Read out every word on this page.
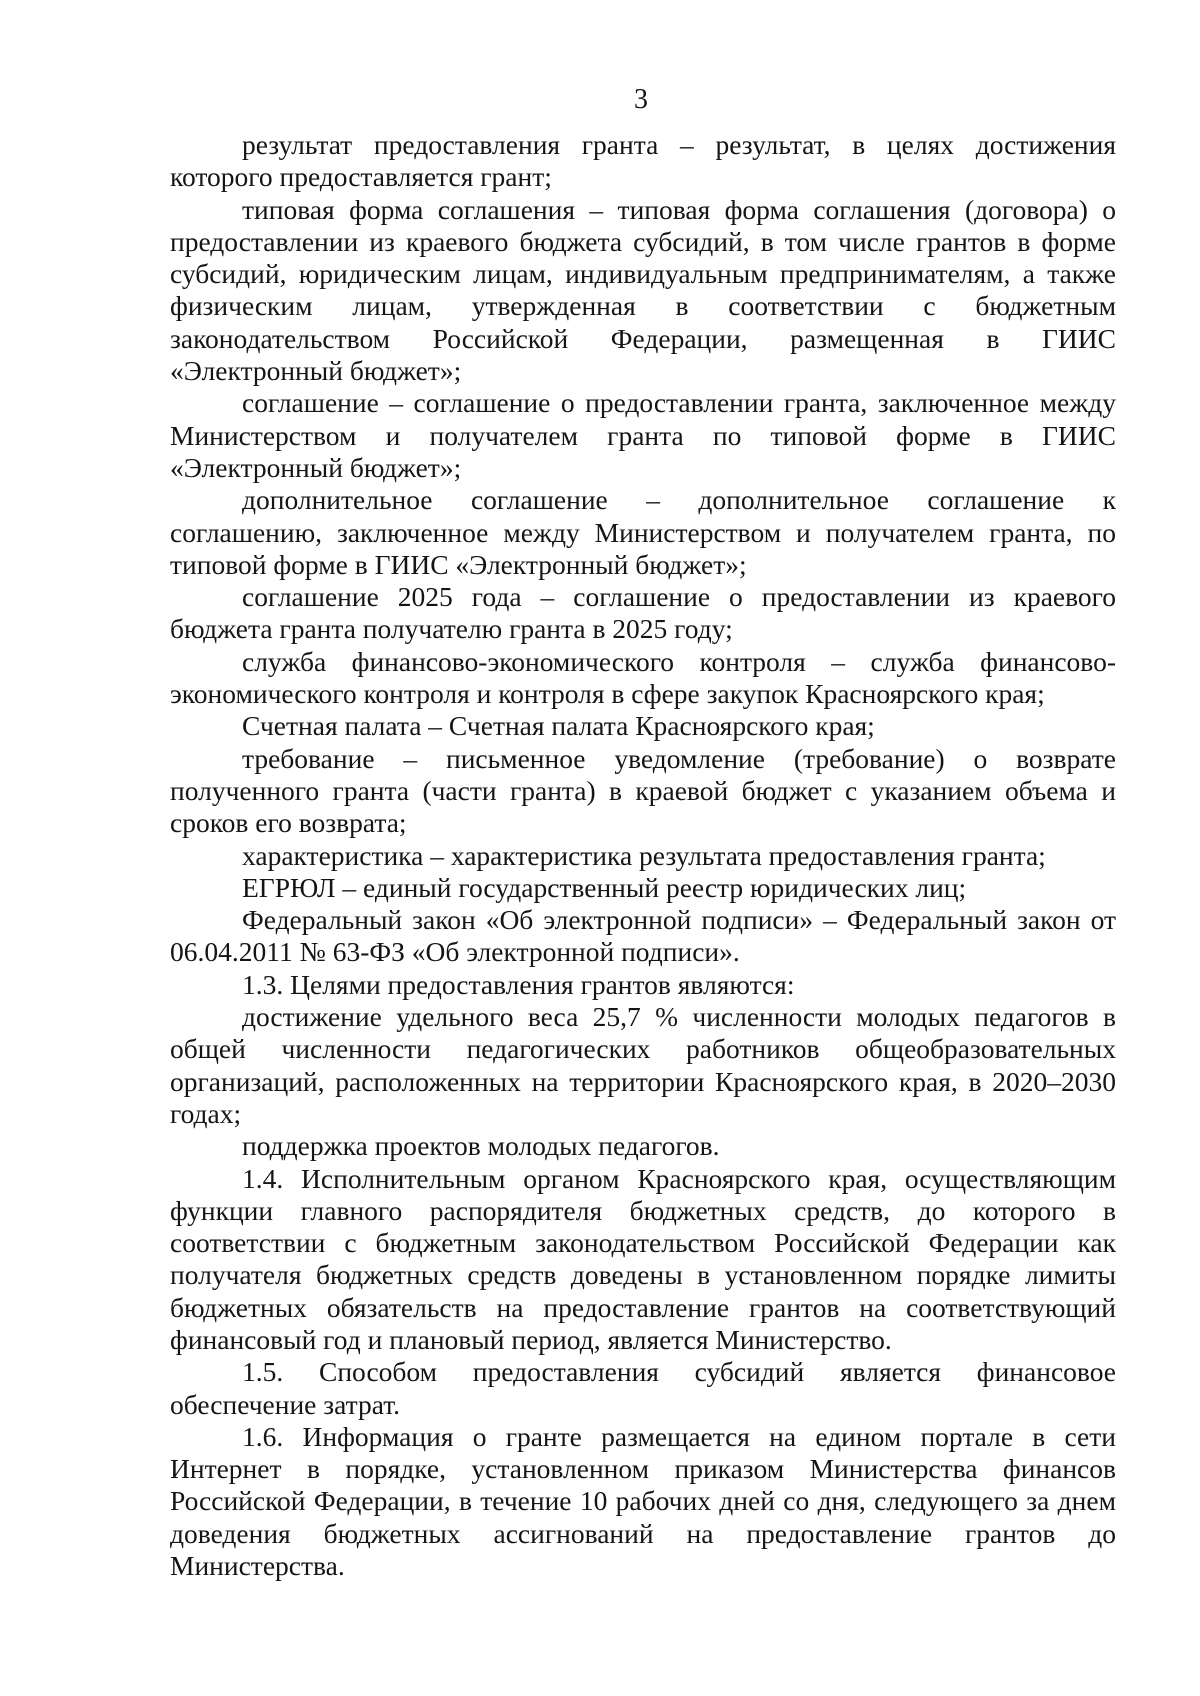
3

результат предоставления гранта – результат, в целях достижения которого предоставляется грант;

типовая форма соглашения – типовая форма соглашения (договора) о предоставлении из краевого бюджета субсидий, в том числе грантов в форме субсидий, юридическим лицам, индивидуальным предпринимателям, а также физическим лицам, утвержденная в соответствии с бюджетным законодательством Российской Федерации, размещенная в ГИИС «Электронный бюджет»;

соглашение – соглашение о предоставлении гранта, заключенное между Министерством и получателем гранта по типовой форме в ГИИС «Электронный бюджет»;

дополнительное соглашение – дополнительное соглашение к соглашению, заключенное между Министерством и получателем гранта, по типовой форме в ГИИС «Электронный бюджет»;

соглашение 2025 года – соглашение о предоставлении из краевого бюджета гранта получателю гранта в 2025 году;

служба финансово-экономического контроля – служба финансово-экономического контроля и контроля в сфере закупок Красноярского края;

Счетная палата – Счетная палата Красноярского края;

требование – письменное уведомление (требование) о возврате полученного гранта (части гранта) в краевой бюджет с указанием объема и сроков его возврата;

характеристика – характеристика результата предоставления гранта;

ЕГРЮЛ – единый государственный реестр юридических лиц;

Федеральный закон «Об электронной подписи» – Федеральный закон от 06.04.2011 № 63-ФЗ «Об электронной подписи».

1.3. Целями предоставления грантов являются:

достижение удельного веса 25,7 % численности молодых педагогов в общей численности педагогических работников общеобразовательных организаций, расположенных на территории Красноярского края, в 2020–2030 годах;

поддержка проектов молодых педагогов.

1.4. Исполнительным органом Красноярского края, осуществляющим функции главного распорядителя бюджетных средств, до которого в соответствии с бюджетным законодательством Российской Федерации как получателя бюджетных средств доведены в установленном порядке лимиты бюджетных обязательств на предоставление грантов на соответствующий финансовый год и плановый период, является Министерство.

1.5. Способом предоставления субсидий является финансовое обеспечение затрат.

1.6. Информация о гранте размещается на едином портале в сети Интернет в порядке, установленном приказом Министерства финансов Российской Федерации, в течение 10 рабочих дней со дня, следующего за днем доведения бюджетных ассигнований на предоставление грантов до Министерства.
